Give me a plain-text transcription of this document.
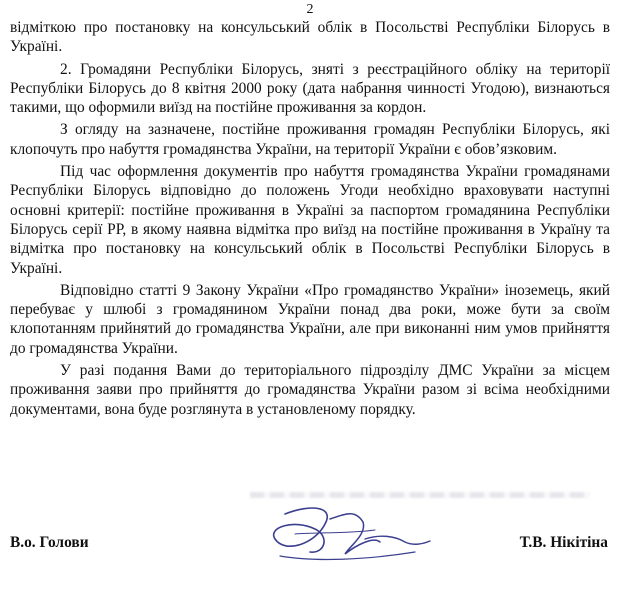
2

відміткою про постановку на консульський облік в Посольстві Республіки Білорусь в Україні.

2. Громадяни Республіки Білорусь, зняті з реєстраційного обліку на території Республіки Білорусь до 8 квітня 2000 року (дата набрання чинності Угодою), визнаються такими, що оформили виїзд на постійне проживання за кордон.

З огляду на зазначене, постійне проживання громадян Республіки Білорусь, які клопочуть про набуття громадянства України, на території України є обов’язковим.

Під час оформлення документів про набуття громадянства України громадянами Республіки Білорусь відповідно до положень Угоди необхідно враховувати наступні основні критерії: постійне проживання в Україні за паспортом громадянина Республіки Білорусь серії РР, в якому наявна відмітка про виїзд на постійне проживання в Україну та відмітка про постановку на консульський облік в Посольстві Республіки Білорусь в Україні.

Відповідно статті 9 Закону України «Про громадянство України» іноземець, який перебуває у шлюбі з громадянином України понад два роки, може бути за своїм клопотанням прийнятий до громадянства України, але при виконанні ним умов прийняття до громадянства України.

У разі подання Вами до територіального підрозділу ДМС України за місцем проживання заяви про прийняття до громадянства України разом зі всіма необхідними документами, вона буде розглянута в установленому порядку.

В.о. Голови	Т.В. Нікітіна
